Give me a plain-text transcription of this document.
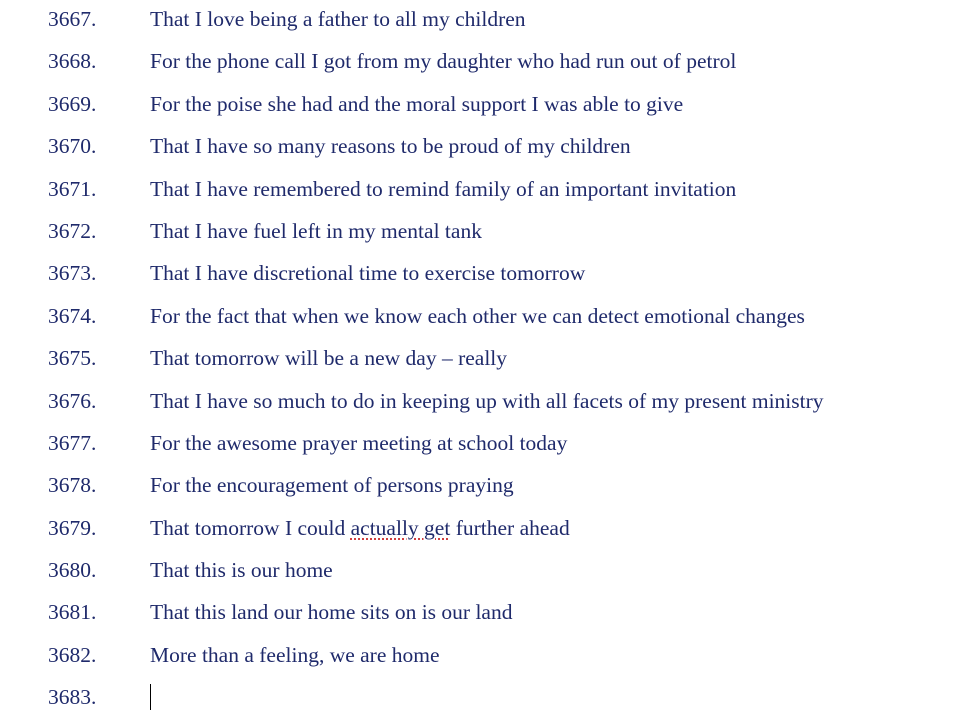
3667. That I love being a father to all my children
3668. For the phone call I got from my daughter who had run out of petrol
3669. For the poise she had and the moral support I was able to give
3670. That I have so many reasons to be proud of my children
3671. That I have remembered to remind family of an important invitation
3672. That I have fuel left in my mental tank
3673. That I have discretional time to exercise tomorrow
3674. For the fact that when we know each other we can detect emotional changes
3675. That tomorrow will be a new day – really
3676. That I have so much to do in keeping up with all facets of my present ministry
3677. For the awesome prayer meeting at school today
3678. For the encouragement of persons praying
3679. That tomorrow I could actually get further ahead
3680. That this is our home
3681. That this land our home sits on is our land
3682. More than a feeling, we are home
3683.
